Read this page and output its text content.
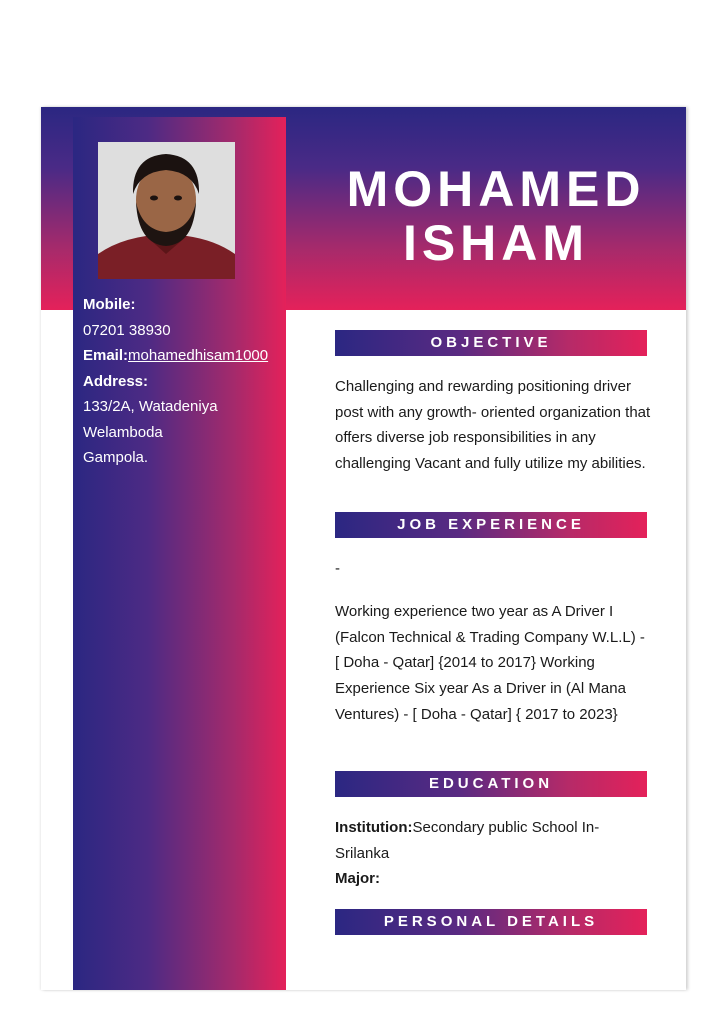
Mobile:
07201 38930
Email:mohamedhisam1000
Address:
133/2A, Watadeniya
Welamboda
Gampola.
MOHAMED
ISHAM
OBJECTIVE
Challenging and rewarding positioning driver post with any growth- oriented organization that offers diverse job responsibilities in any challenging Vacant and fully utilize my abilities.
JOB EXPERIENCE
-
Working experience two year as A Driver I (Falcon Technical & Trading Company W.L.L) - [ Doha - Qatar] {2014 to 2017} Working Experience Six year As a Driver in (Al Mana Ventures) - [ Doha - Qatar] { 2017 to 2023}
EDUCATION
Institution:Secondary public School In-Srilanka
Major:
PERSONAL DETAILS
